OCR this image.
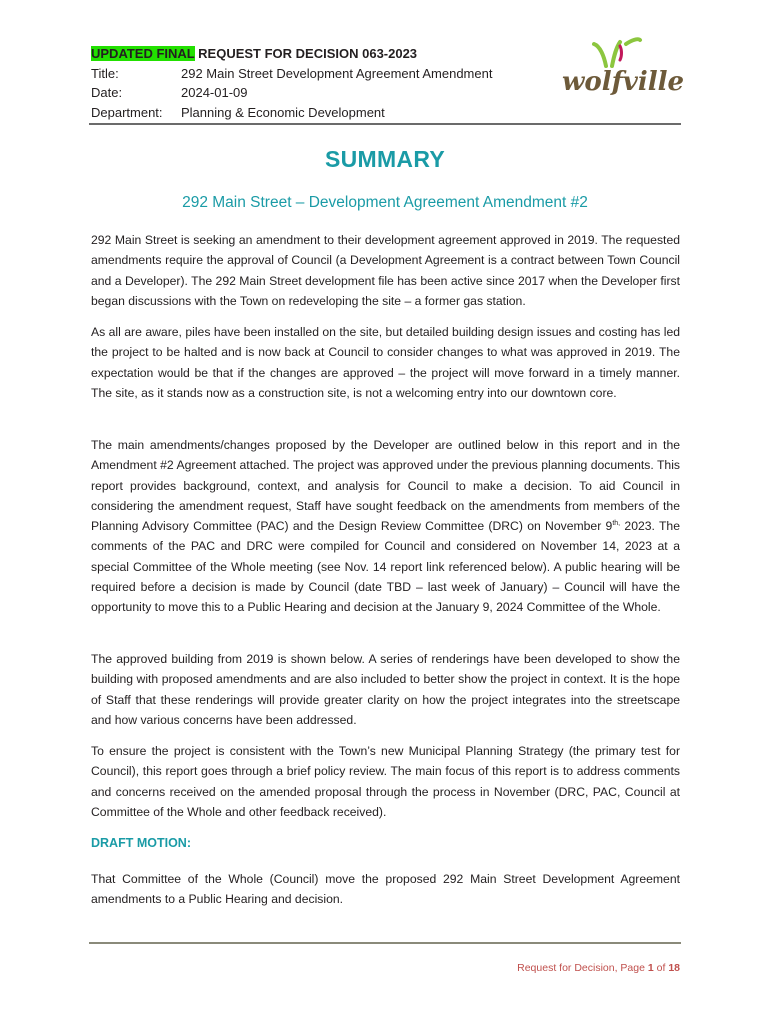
UPDATED FINAL REQUEST FOR DECISION 063-2023
Title:	292 Main Street Development Agreement Amendment
Date:	2024-01-09
Department:	Planning & Economic Development
wolfville
SUMMARY
292 Main Street – Development Agreement Amendment #2

292 Main Street is seeking an amendment to their development agreement approved in 2019. The requested amendments require the approval of Council (a Development Agreement is a contract between Town Council and a Developer). The 292 Main Street development file has been active since 2017 when the Developer first began discussions with the Town on redeveloping the site – a former gas station.

As all are aware, piles have been installed on the site, but detailed building design issues and costing has led the project to be halted and is now back at Council to consider changes to what was approved in 2019. The expectation would be that if the changes are approved – the project will move forward in a timely manner. The site, as it stands now as a construction site, is not a welcoming entry into our downtown core.

The main amendments/changes proposed by the Developer are outlined below in this report and in the Amendment #2 Agreement attached. The project was approved under the previous planning documents. This report provides background, context, and analysis for Council to make a decision. To aid Council in considering the amendment request, Staff have sought feedback on the amendments from members of the Planning Advisory Committee (PAC) and the Design Review Committee (DRC) on November $9^{th,}$ 2023. The comments of the PAC and DRC were compiled for Council and considered on November 14, 2023 at a special Committee of the Whole meeting (see Nov. 14 report link referenced below). A public hearing will be required before a decision is made by Council (date TBD – last week of January) – Council will have the opportunity to move this to a Public Hearing and decision at the January 9, 2024 Committee of the Whole.

The approved building from 2019 is shown below. A series of renderings have been developed to show the building with proposed amendments and are also included to better show the project in context. It is the hope of Staff that these renderings will provide greater clarity on how the project integrates into the streetscape and how various concerns have been addressed.

To ensure the project is consistent with the Town’s new Municipal Planning Strategy (the primary test for Council), this report goes through a brief policy review. The main focus of this report is to address comments and concerns received on the amended proposal through the process in November (DRC, PAC, Council at Committee of the Whole and other feedback received).

DRAFT MOTION:

That Committee of the Whole (Council) move the proposed 292 Main Street Development Agreement amendments to a Public Hearing and decision.

Request for Decision, Page 1 of 18
